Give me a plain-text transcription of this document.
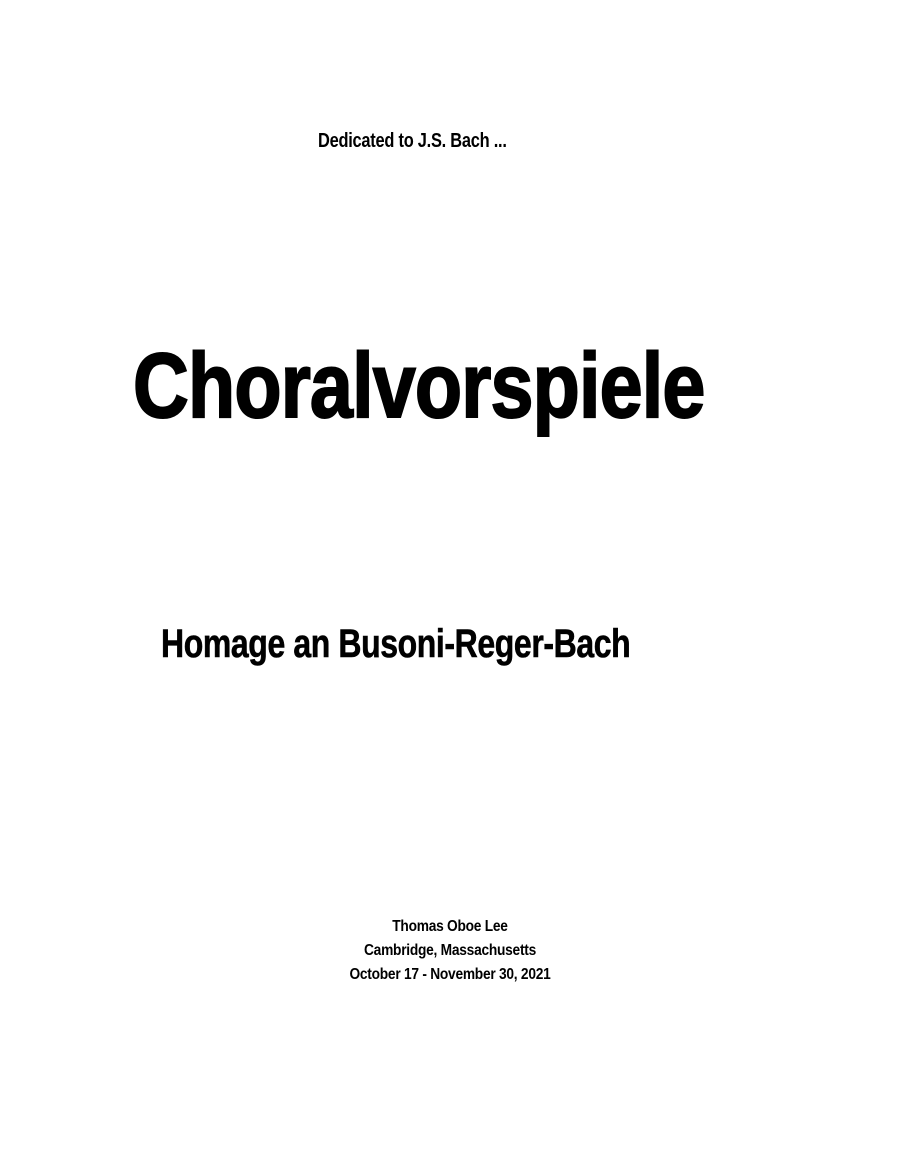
Dedicated to J.S. Bach ...
Choralvorspiele
Homage an Busoni-Reger-Bach
Thomas Oboe Lee
Cambridge, Massachusetts
October 17 - November 30, 2021
